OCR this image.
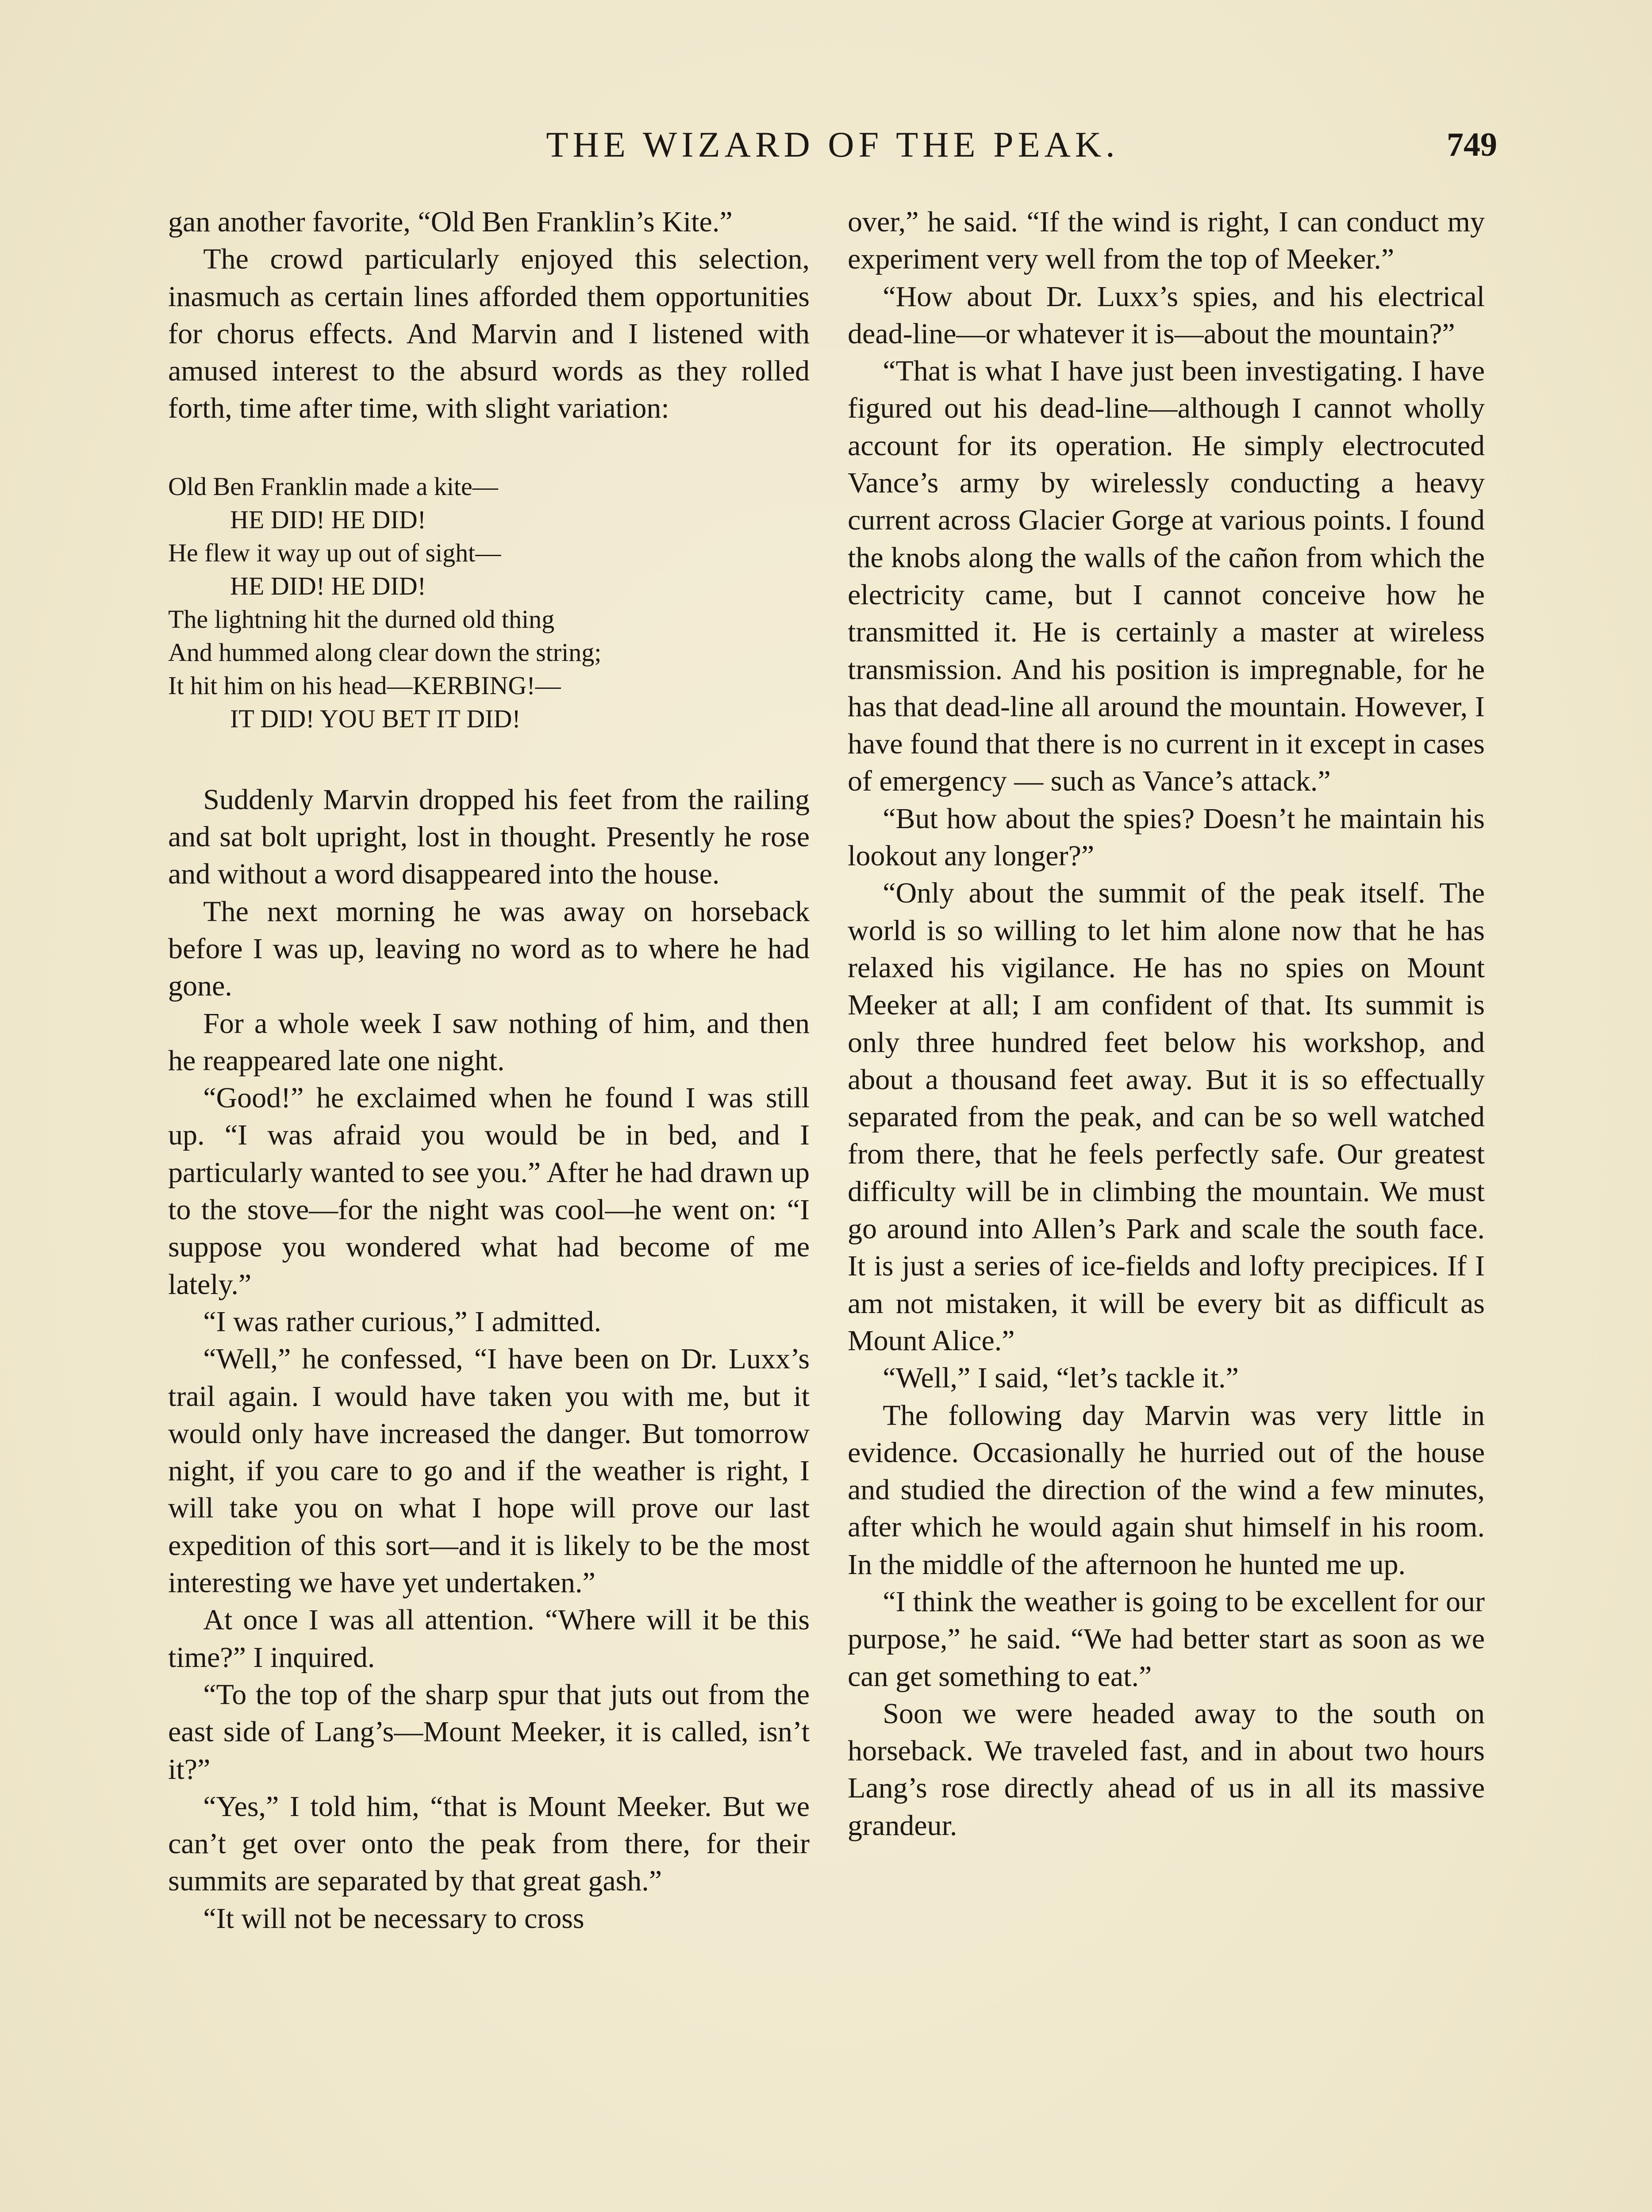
THE WIZARD OF THE PEAK.	749

gan another favorite, “Old Ben Franklin’s Kite.”

The crowd particularly enjoyed this selection, inasmuch as certain lines afforded them opportunities for chorus effects. And Marvin and I listened with amused interest to the absurd words as they rolled forth, time after time, with slight variation:

Old Ben Franklin made a kite—
HE DID! HE DID!
He flew it way up out of sight—
HE DID! HE DID!
The lightning hit the durned old thing
And hummed along clear down the string;
It hit him on his head—KERBING!—
IT DID! YOU BET IT DID!

Suddenly Marvin dropped his feet from the railing and sat bolt upright, lost in thought. Presently he rose and without a word disappeared into the house.

The next morning he was away on horseback before I was up, leaving no word as to where he had gone.

For a whole week I saw nothing of him, and then he reappeared late one night.

“Good!” he exclaimed when he found I was still up. “I was afraid you would be in bed, and I particularly wanted to see you.” After he had drawn up to the stove—for the night was cool—he went on: “I suppose you wondered what had become of me lately.”

“I was rather curious,” I admitted.

“Well,” he confessed, “I have been on Dr. Luxx’s trail again. I would have taken you with me, but it would only have increased the danger. But tomorrow night, if you care to go and if the weather is right, I will take you on what I hope will prove our last expedition of this sort—and it is likely to be the most interesting we have yet undertaken.”

At once I was all attention. “Where will it be this time?” I inquired.

“To the top of the sharp spur that juts out from the east side of Lang’s—Mount Meeker, it is called, isn’t it?”

“Yes,” I told him, “that is Mount Meeker. But we can’t get over onto the peak from there, for their summits are separated by that great gash.”

“It will not be necessary to cross

over,” he said. “If the wind is right, I can conduct my experiment very well from the top of Meeker.”

“How about Dr. Luxx’s spies, and his electrical dead-line—or whatever it is—about the mountain?”

“That is what I have just been investigating. I have figured out his dead-line—although I cannot wholly account for its operation. He simply electrocuted Vance’s army by wirelessly conducting a heavy current across Glacier Gorge at various points. I found the knobs along the walls of the cañon from which the electricity came, but I cannot conceive how he transmitted it. He is certainly a master at wireless transmission. And his position is impregnable, for he has that dead-line all around the mountain. However, I have found that there is no current in it except in cases of emergency — such as Vance’s attack.”

“But how about the spies? Doesn’t he maintain his lookout any longer?”

“Only about the summit of the peak itself. The world is so willing to let him alone now that he has relaxed his vigilance. He has no spies on Mount Meeker at all; I am confident of that. Its summit is only three hundred feet below his workshop, and about a thousand feet away. But it is so effectually separated from the peak, and can be so well watched from there, that he feels perfectly safe. Our greatest difficulty will be in climbing the mountain. We must go around into Allen’s Park and scale the south face. It is just a series of ice-fields and lofty precipices. If I am not mistaken, it will be every bit as difficult as Mount Alice.”

“Well,” I said, “let’s tackle it.”

The following day Marvin was very little in evidence. Occasionally he hurried out of the house and studied the direction of the wind a few minutes, after which he would again shut himself in his room. In the middle of the afternoon he hunted me up.

“I think the weather is going to be excellent for our purpose,” he said. “We had better start as soon as we can get something to eat.”

Soon we were headed away to the south on horseback. We traveled fast, and in about two hours Lang’s rose directly ahead of us in all its massive grandeur.
